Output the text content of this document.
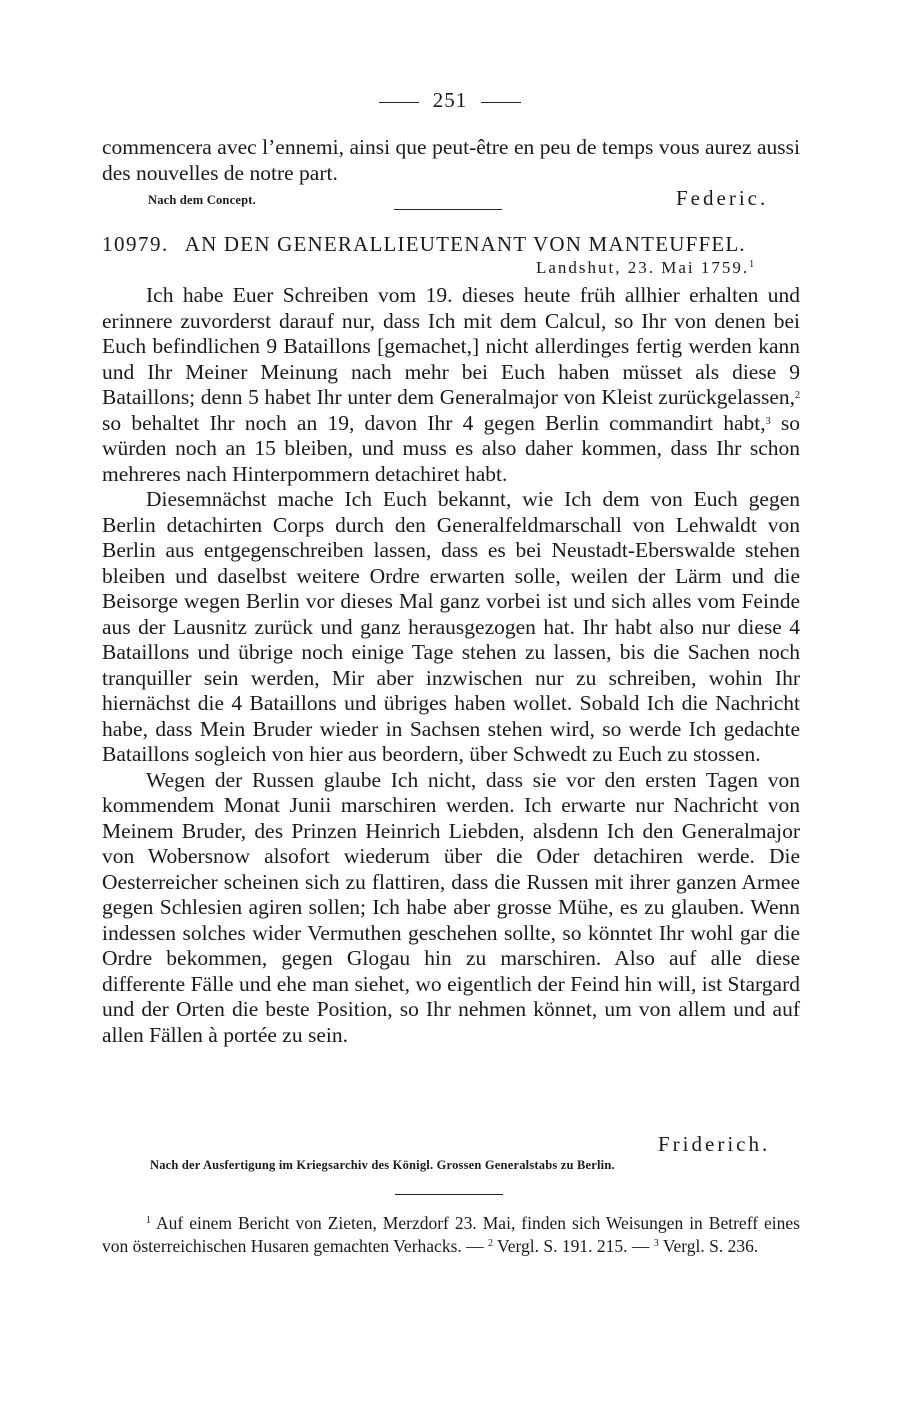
251

commencera avec l’ennemi, ainsi que peut-être en peu de temps vous aurez aussi des nouvelles de notre part.

Nach dem Concept.	Federic.
10979. AN DEN GENERALLIEUTENANT VON MANTEUFFEL.
Landshut, 23. Mai 1759.$^1$

Ich habe Euer Schreiben vom 19. dieses heute früh allhier erhalten und erinnere zuvorderst darauf nur, dass Ich mit dem Calcul, so Ihr von denen bei Euch befindlichen 9 Bataillons [gemachet,] nicht allerdinges fertig werden kann und Ihr Meiner Meinung nach mehr bei Euch haben müsset als diese 9 Bataillons; denn 5 habet Ihr unter dem Generalmajor von Kleist zurückgelassen,$^2$ so behaltet Ihr noch an 19, davon Ihr 4 gegen Berlin commandirt habt,$^3$ so würden noch an 15 bleiben, und muss es also daher kommen, dass Ihr schon mehreres nach Hinterpommern detachiret habt.

Diesemnächst mache Ich Euch bekannt, wie Ich dem von Euch gegen Berlin detachirten Corps durch den Generalfeldmarschall von Lehwaldt von Berlin aus entgegenschreiben lassen, dass es bei Neustadt-Eberswalde stehen bleiben und daselbst weitere Ordre erwarten solle, weilen der Lärm und die Beisorge wegen Berlin vor dieses Mal ganz vorbei ist und sich alles vom Feinde aus der Lausnitz zurück und ganz herausgezogen hat. Ihr habt also nur diese 4 Bataillons und übrige noch einige Tage stehen zu lassen, bis die Sachen noch tranquiller sein werden, Mir aber inzwischen nur zu schreiben, wohin Ihr hiernächst die 4 Bataillons und übriges haben wollet. Sobald Ich die Nachricht habe, dass Mein Bruder wieder in Sachsen stehen wird, so werde Ich gedachte Bataillons sogleich von hier aus beordern, über Schwedt zu Euch zu stossen.

Wegen der Russen glaube Ich nicht, dass sie vor den ersten Tagen von kommendem Monat Junii marschiren werden. Ich erwarte nur Nachricht von Meinem Bruder, des Prinzen Heinrich Liebden, alsdenn Ich den Generalmajor von Wobersnow alsofort wiederum über die Oder detachiren werde. Die Oesterreicher scheinen sich zu flattiren, dass die Russen mit ihrer ganzen Armee gegen Schlesien agiren sollen; Ich habe aber grosse Mühe, es zu glauben. Wenn indessen solches wider Vermuthen geschehen sollte, so könntet Ihr wohl gar die Ordre bekommen, gegen Glogau hin zu marschiren. Also auf alle diese differente Fälle und ehe man siehet, wo eigentlich der Feind hin will, ist Stargard und der Orten die beste Position, so Ihr nehmen könnet, um von allem und auf allen Fällen à portée zu sein.

Friderich.
Nach der Ausfertigung im Kriegsarchiv des Königl. Grossen Generalstabs zu Berlin.

$^1$ Auf einem Bericht von Zieten, Merzdorf 23. Mai, finden sich Weisungen in Betreff eines von österreichischen Husaren gemachten Verhacks. — $^2$ Vergl. S. 191. 215. — $^3$ Vergl. S. 236.
